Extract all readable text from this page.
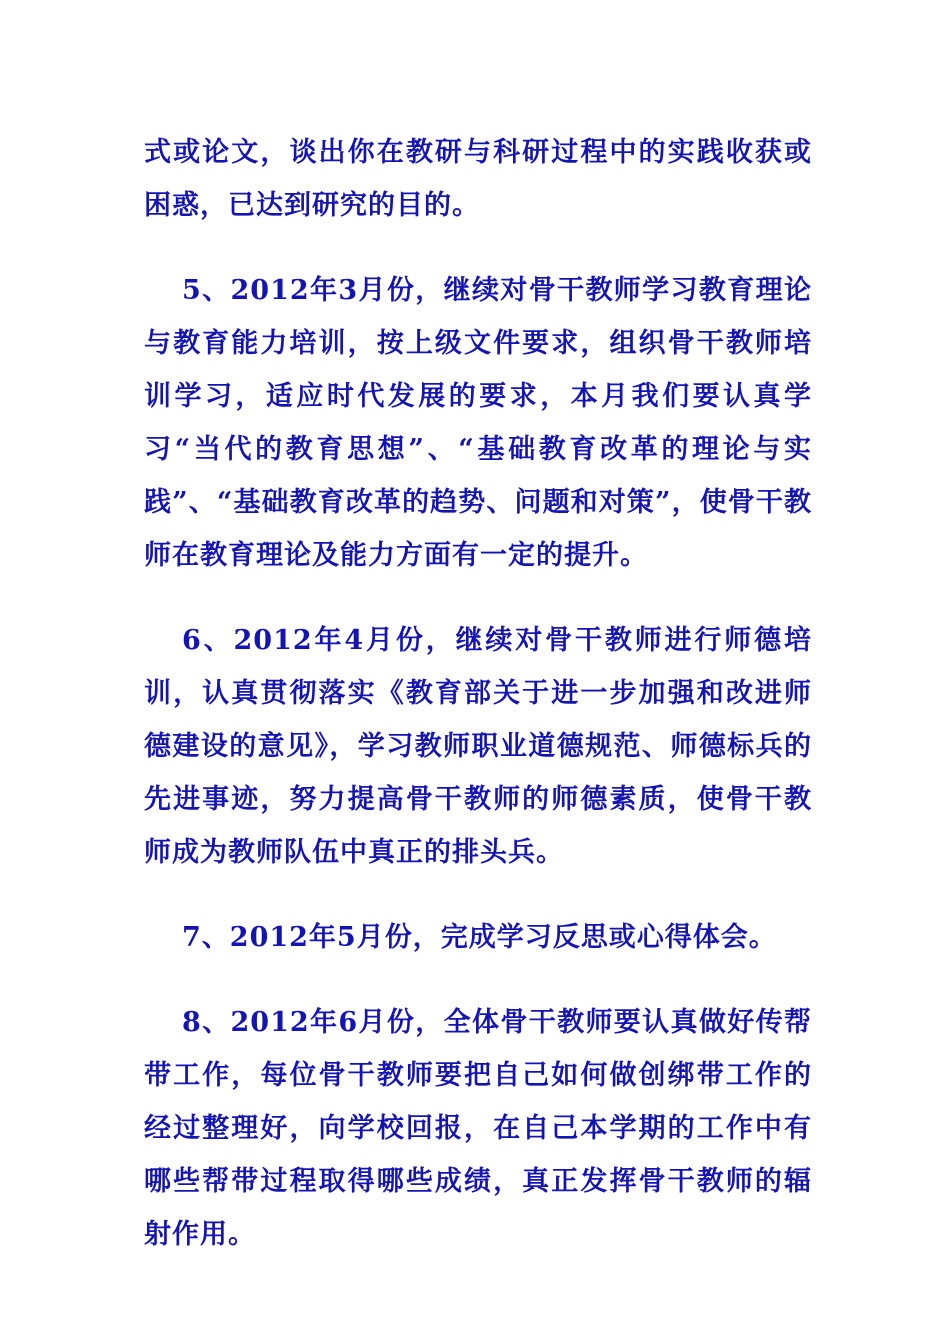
式或论文，谈出你在教研与科研过程中的实践收获或困惑，已达到研究的目的。

5、2012年3月份，继续对骨干教师学习教育理论与教育能力培训，按上级文件要求，组织骨干教师培训学习，适应时代发展的要求，本月我们要认真学习“当代的教育思想”、“基础教育改革的理论与实践”、“基础教育改革的趋势、问题和对策”，使骨干教师在教育理论及能力方面有一定的提升。

6、2012年4月份，继续对骨干教师进行师德培训，认真贯彻落实《教育部关于进一步加强和改进师德建设的意见》，学习教师职业道德规范、师德标兵的先进事迹，努力提高骨干教师的师德素质，使骨干教师成为教师队伍中真正的排头兵。

7、2012年5月份，完成学习反思或心得体会。

8、2012年6月份，全体骨干教师要认真做好传帮带工作，每位骨干教师要把自己如何做创绑带工作的经过整理好，向学校回报，在自己本学期的工作中有哪些帮带过程取得哪些成绩，真正发挥骨干教师的辐射作用。
